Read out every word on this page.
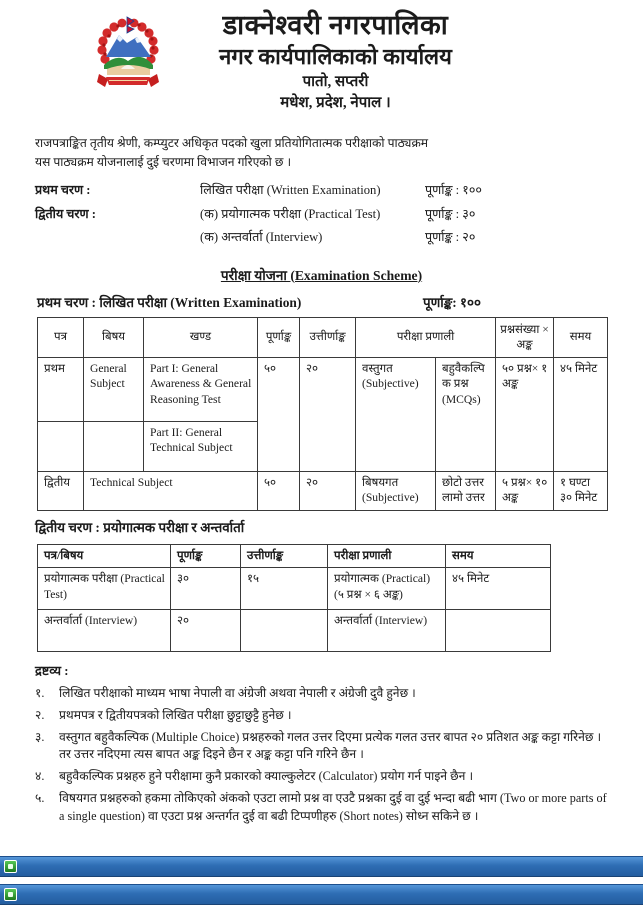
डाक्नेश्वरी नगरपालिका
नगर कार्यपालिकाको कार्यालय
पातो, सप्तरी
मधेश, प्रदेश, नेपाल ।

राजपत्राङ्कित तृतीय श्रेणी, कम्प्युटर अधिकृत पदको खुला प्रतियोगितात्मक परीक्षाको पाठ्यक्रम

यस पाठ्यक्रम योजनालाई दुई चरणमा विभाजन गरिएको छ ।

प्रथम चरण :	लिखित परीक्षा (Written Examination)	पूर्णाङ्क : १००
द्वितीय चरण :	(क) प्रयोगात्मक परीक्षा (Practical Test)	पूर्णाङ्क : ३०
(क) अन्तर्वार्ता (Interview)	पूर्णाङ्क : २०
परीक्षा योजना (Examination Scheme)
प्रथम चरण : लिखित परीक्षा (Written Examination)	पूर्णाङ्क: १००
पत्र	बिषय	खण्ड	पूर्णाङ्क	उत्तीर्णाङ्क	परीक्षा प्रणाली		प्रश्नसंख्या × अङ्क	समय
प्रथम	General Subject	Part I: General Awareness & General Reasoning Test	५०	२०	वस्तुगत (Subjective)	बहुवैकल्पिक प्रश्न (MCQs)	५० प्रश्न× १ अङ्क	४५ मिनेट
		Part II: General Technical Subject						
द्वितीय	Technical Subject		५०	२०	बिषयगत (Subjective)	छोटो उत्तर लामो उत्तर	५ प्रश्न× १० अङ्क	१ घण्टा ३० मिनेट
द्वितीय चरण : प्रयोगात्मक परीक्षा र अन्तर्वार्ता
पत्र/बिषय	पूर्णाङ्क	उत्तीर्णाङ्क	परीक्षा प्रणाली	समय
प्रयोगात्मक परीक्षा (Practical Test)	३०	१५	प्रयोगात्मक (Practical) (५ प्रश्न × ६ अङ्क)	४५ मिनेट
अन्तर्वार्ता (Interview)	२०		अन्तर्वार्ता (Interview)	
द्रष्टव्य :
१.	लिखित परीक्षाको माध्यम भाषा नेपाली वा अंग्रेजी अथवा नेपाली र अंग्रेजी दुवै हुनेछ ।
२.	प्रथमपत्र र द्वितीयपत्रको लिखित परीक्षा छुट्टाछुट्टै हुनेछ ।
३.	वस्तुगत बहुवैकल्पिक (Multiple Choice) प्रश्नहरुको गलत उत्तर दिएमा प्रत्येक गलत उत्तर बापत २० प्रतिशत अङ्क कट्टा गरिनेछ । तर उत्तर नदिएमा त्यस बापत अङ्क दिइने छैन र अङ्क कट्टा पनि गरिने छैन ।
४.	बहुवैकल्पिक प्रश्नहरु हुने परीक्षामा कुनै प्रकारको क्याल्कुलेटर (Calculator) प्रयोग गर्न पाइने छैन ।
५.	विषयगत प्रश्नहरुको हकमा तोकिएको अंकको एउटा लामो प्रश्न वा एउटै प्रश्नका दुई वा दुई भन्दा बढी भाग (Two or more parts of a single question) वा एउटा प्रश्न अन्तर्गत दुई वा बढी टिप्पणीहरु (Short notes) सोध्न सकिने छ ।
